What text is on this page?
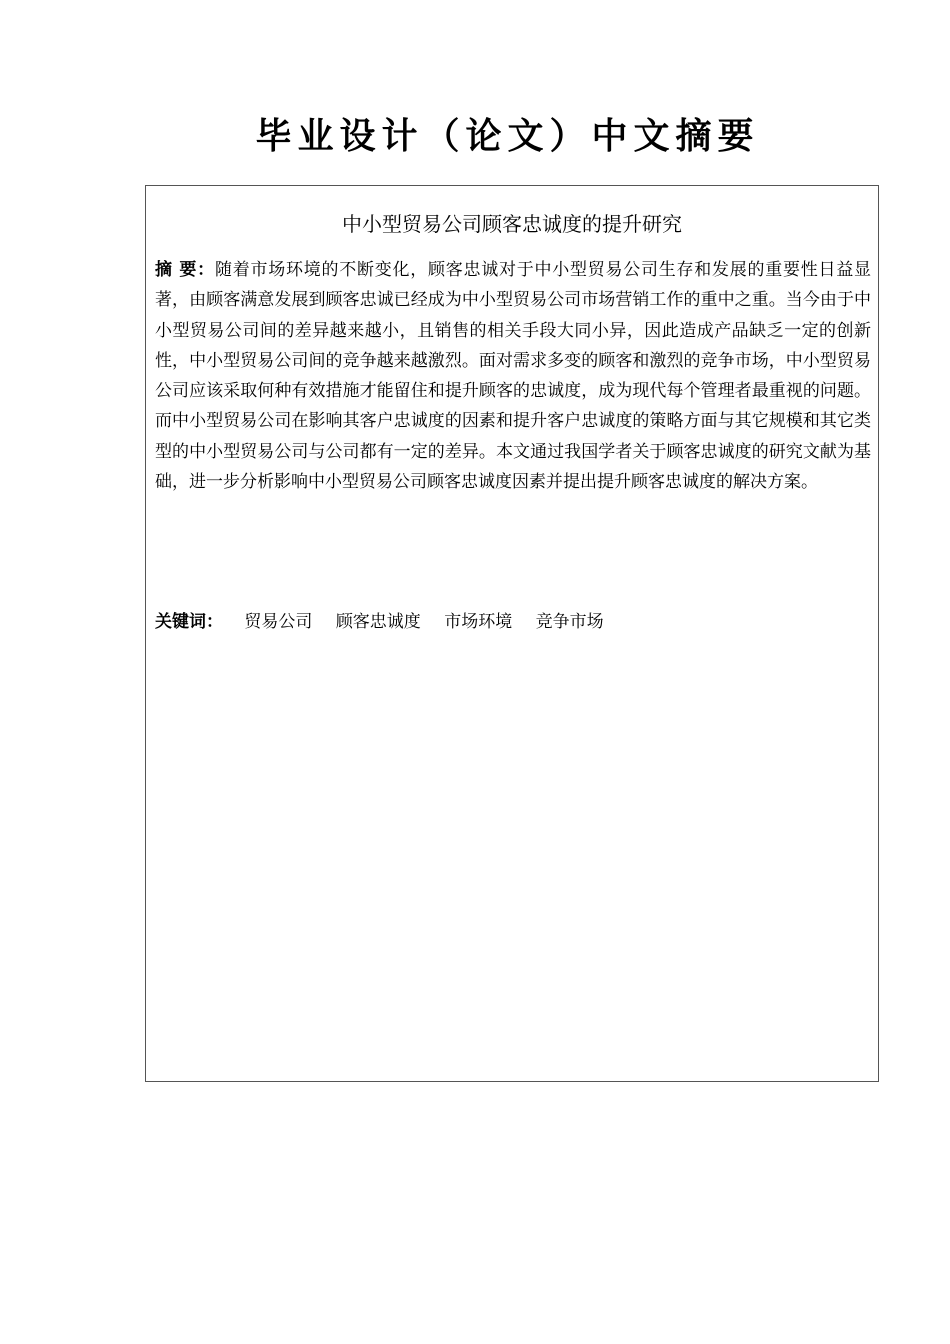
毕业设计（论文）中文摘要
中小型贸易公司顾客忠诚度的提升研究

摘 要：随着市场环境的不断变化，顾客忠诚对于中小型贸易公司生存和发展的重要性日益显著，由顾客满意发展到顾客忠诚已经成为中小型贸易公司市场营销工作的重中之重。当今由于中小型贸易公司间的差异越来越小，且销售的相关手段大同小异，因此造成产品缺乏一定的创新性，中小型贸易公司间的竞争越来越激烈。面对需求多变的顾客和激烈的竞争市场，中小型贸易公司应该采取何种有效措施才能留住和提升顾客的忠诚度，成为现代每个管理者最重视的问题。而中小型贸易公司在影响其客户忠诚度的因素和提升客户忠诚度的策略方面与其它规模和其它类型的中小型贸易公司与公司都有一定的差异。本文通过我国学者关于顾客忠诚度的研究文献为基础，进一步分析影响中小型贸易公司顾客忠诚度因素并提出提升顾客忠诚度的解决方案。

关键词： 贸易公司 顾客忠诚度 市场环境 竞争市场
